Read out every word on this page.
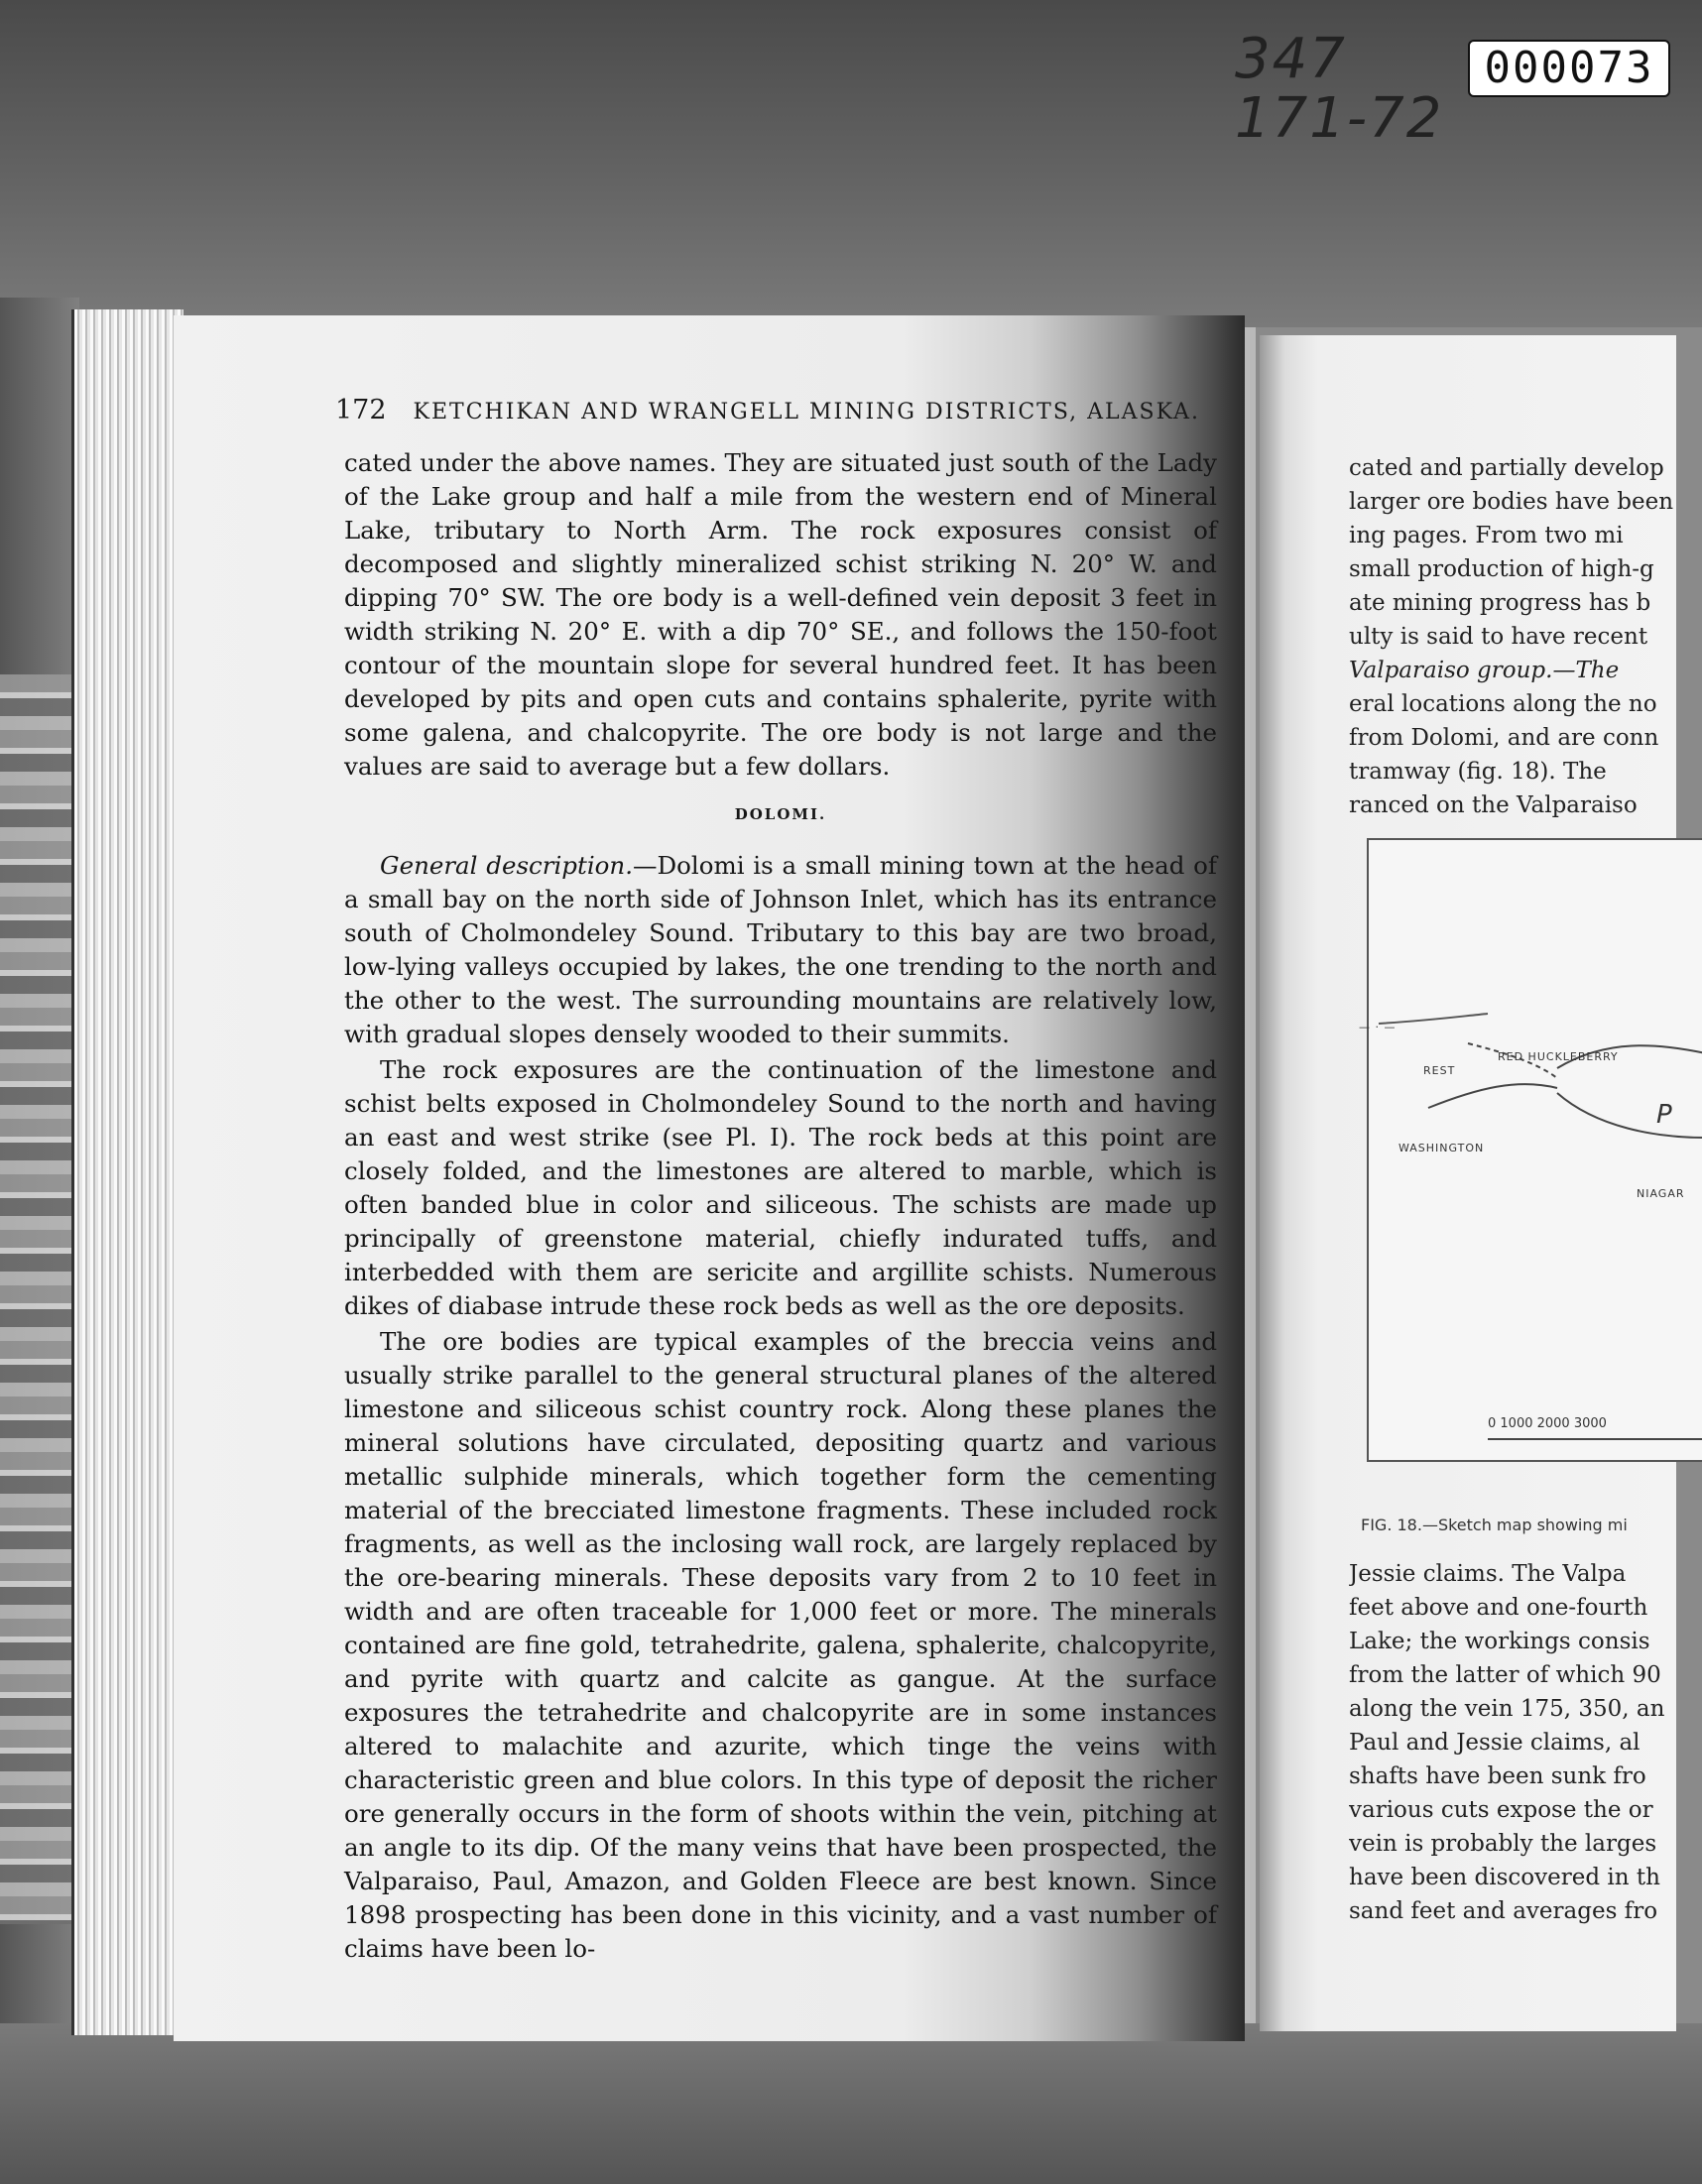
347
171-72
000073
172 KETCHIKAN AND WRANGELL MINING DISTRICTS, ALASKA.

cated under the above names. They are situated just south of the Lady of the Lake group and half a mile from the western end of Mineral Lake, tributary to North Arm. The rock exposures consist of decomposed and slightly mineralized schist striking N. 20° W. and dipping 70° SW. The ore body is a well-defined vein deposit 3 feet in width striking N. 20° E. with a dip 70° SE., and follows the 150-foot contour of the mountain slope for several hundred feet. It has been developed by pits and open cuts and contains sphalerite, pyrite with some galena, and chalcopyrite. The ore body is not large and the values are said to average but a few dollars.

DOLOMI.

General description.—Dolomi is a small mining town at the head of a small bay on the north side of Johnson Inlet, which has its entrance south of Cholmondeley Sound. Tributary to this bay are two broad, low-lying valleys occupied by lakes, the one trending to the north and the other to the west. The surrounding mountains are relatively low, with gradual slopes densely wooded to their summits.

The rock exposures are the continuation of the limestone and schist belts exposed in Cholmondeley Sound to the north and having an east and west strike (see Pl. I). The rock beds at this point are closely folded, and the limestones are altered to marble, which is often banded blue in color and siliceous. The schists are made up principally of greenstone material, chiefly indurated tuffs, and interbedded with them are sericite and argillite schists. Numerous dikes of diabase intrude these rock beds as well as the ore deposits.

The ore bodies are typical examples of the breccia veins and usually strike parallel to the general structural planes of the altered limestone and siliceous schist country rock. Along these planes the mineral solutions have circulated, depositing quartz and various metallic sulphide minerals, which together form the cementing material of the brecciated limestone fragments. These included rock fragments, as well as the inclosing wall rock, are largely replaced by the ore-bearing minerals. These deposits vary from 2 to 10 feet in width and are often traceable for 1,000 feet or more. The minerals contained are fine gold, tetrahedrite, galena, sphalerite, chalcopyrite, and pyrite with quartz and calcite as gangue. At the surface exposures the tetrahedrite and chalcopyrite are in some instances altered to malachite and azurite, which tinge the veins with characteristic green and blue colors. In this type of deposit the richer ore generally occurs in the form of shoots within the vein, pitching at an angle to its dip. Of the many veins that have been prospected, the Valparaiso, Paul, Amazon, and Golden Fleece are best known. Since 1898 prospecting has been done in this vicinity, and a vast number of claims have been lo-

cated and partially develop
larger ore bodies have been
ing pages. From two mi
small production of high-g
ate mining progress has b
ulty is said to have recent
Valparaiso group.—The
eral locations along the no
from Dolomi, and are conn
tramway (fig. 18). The
ranced on the Valparaiso
— · —
RED HUCKLEBERRY
REST
WASHINGTON
NIAGAR
P
0 1000 2000 3000
FIG. 18.—Sketch map showing mi
Jessie claims. The Valpa
feet above and one-fourth
Lake; the workings consis
from the latter of which 90
along the vein 175, 350, an
Paul and Jessie claims, al
shafts have been sunk fro
various cuts expose the or
vein is probably the larges
have been discovered in th
sand feet and averages fro
